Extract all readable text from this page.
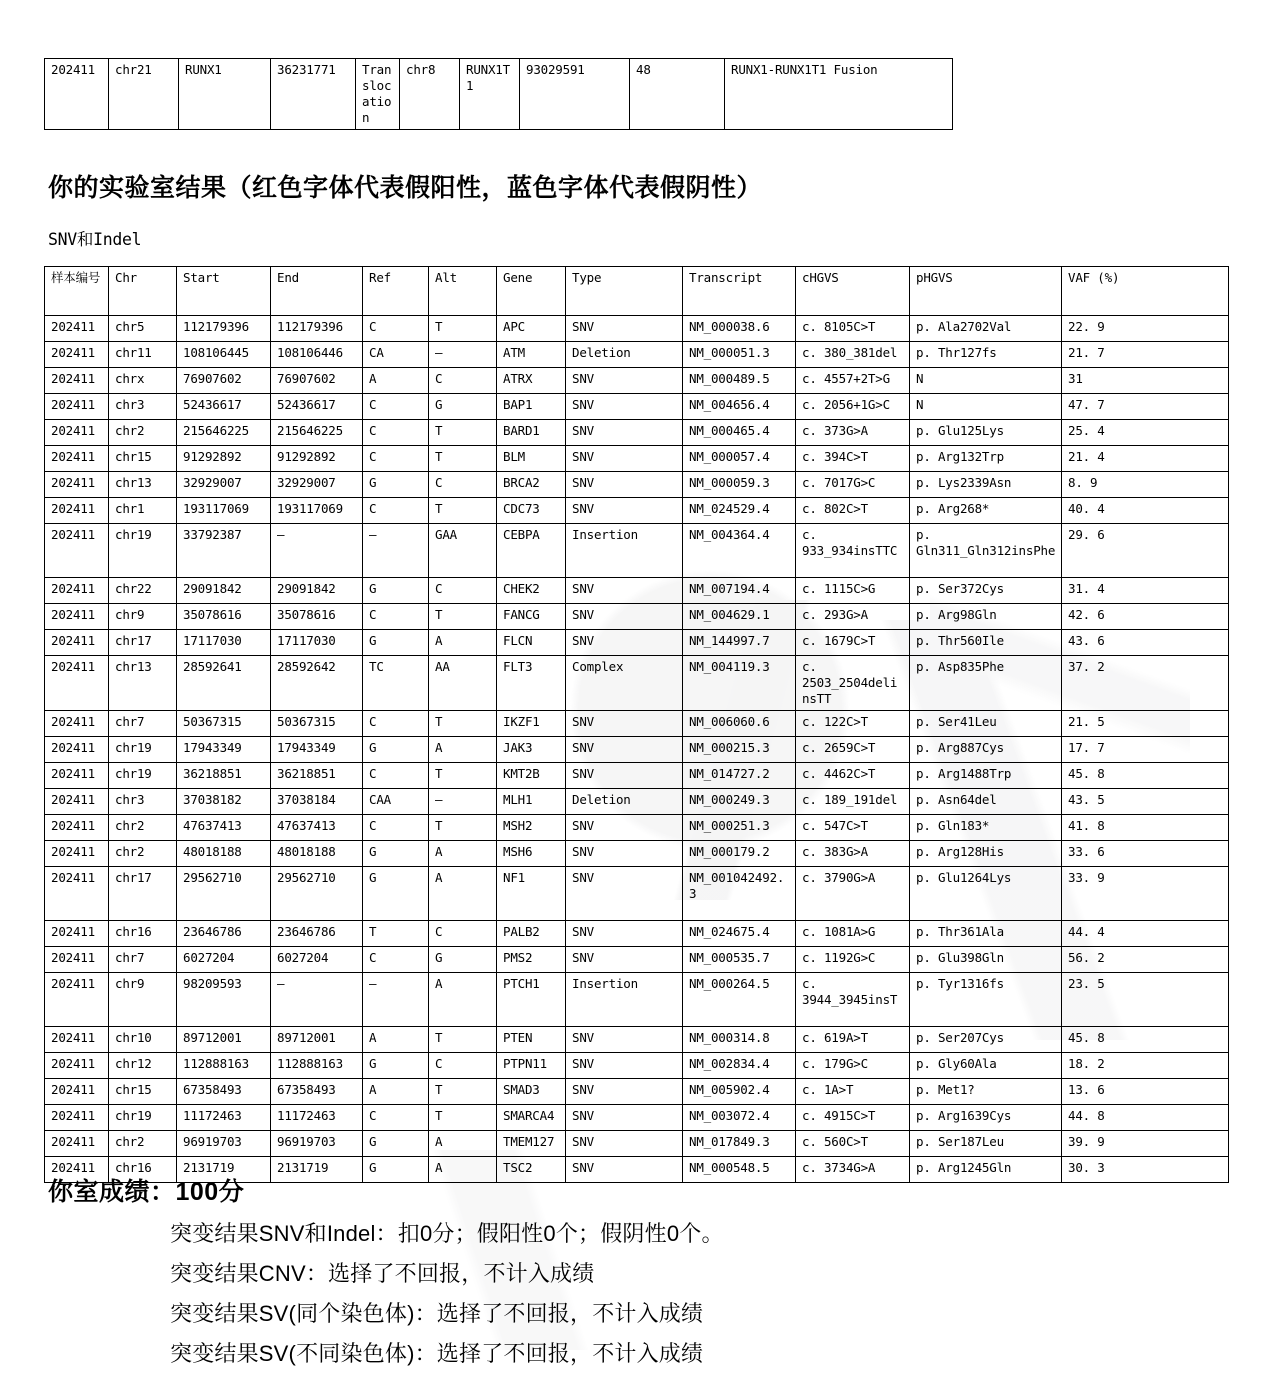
202411	chr21	RUNX1	36231771	Translocation	chr8	RUNX1T1	93029591	48	RUNX1-RUNX1T1 Fusion
你的实验室结果（红色字体代表假阳性，蓝色字体代表假阴性）
SNV和Indel
样本编号	Chr	Start	End	Ref	Alt	Gene	Type	Transcript	cHGVS	pHGVS	VAF (%)
202411	chr5	112179396	112179396	C	T	APC	SNV	NM_000038.6	c. 8105C>T	p. Ala2702Val	22. 9
202411	chr11	108106445	108106446	CA	—	ATM	Deletion	NM_000051.3	c. 380_381del	p. Thr127fs	21. 7
202411	chrx	76907602	76907602	A	C	ATRX	SNV	NM_000489.5	c. 4557+2T>G	N	31
202411	chr3	52436617	52436617	C	G	BAP1	SNV	NM_004656.4	c. 2056+1G>C	N	47. 7
202411	chr2	215646225	215646225	C	T	BARD1	SNV	NM_000465.4	c. 373G>A	p. Glu125Lys	25. 4
202411	chr15	91292892	91292892	C	T	BLM	SNV	NM_000057.4	c. 394C>T	p. Arg132Trp	21. 4
202411	chr13	32929007	32929007	G	C	BRCA2	SNV	NM_000059.3	c. 7017G>C	p. Lys2339Asn	8. 9
202411	chr1	193117069	193117069	C	T	CDC73	SNV	NM_024529.4	c. 802C>T	p. Arg268*	40. 4
202411	chr19	33792387	—	—	GAA	CEBPA	Insertion	NM_004364.4	c. 933_934insTTC	p. Gln311_Gln312insPhe	29. 6
202411	chr22	29091842	29091842	G	C	CHEK2	SNV	NM_007194.4	c. 1115C>G	p. Ser372Cys	31. 4
202411	chr9	35078616	35078616	C	T	FANCG	SNV	NM_004629.1	c. 293G>A	p. Arg98Gln	42. 6
202411	chr17	17117030	17117030	G	A	FLCN	SNV	NM_144997.7	c. 1679C>T	p. Thr560Ile	43. 6
202411	chr13	28592641	28592642	TC	AA	FLT3	Complex	NM_004119.3	c. 2503_2504delinsTT	p. Asp835Phe	37. 2
202411	chr7	50367315	50367315	C	T	IKZF1	SNV	NM_006060.6	c. 122C>T	p. Ser41Leu	21. 5
202411	chr19	17943349	17943349	G	A	JAK3	SNV	NM_000215.3	c. 2659C>T	p. Arg887Cys	17. 7
202411	chr19	36218851	36218851	C	T	KMT2B	SNV	NM_014727.2	c. 4462C>T	p. Arg1488Trp	45. 8
202411	chr3	37038182	37038184	CAA	—	MLH1	Deletion	NM_000249.3	c. 189_191del	p. Asn64del	43. 5
202411	chr2	47637413	47637413	C	T	MSH2	SNV	NM_000251.3	c. 547C>T	p. Gln183*	41. 8
202411	chr2	48018188	48018188	G	A	MSH6	SNV	NM_000179.2	c. 383G>A	p. Arg128His	33. 6
202411	chr17	29562710	29562710	G	A	NF1	SNV	NM_001042492.3	c. 3790G>A	p. Glu1264Lys	33. 9
202411	chr16	23646786	23646786	T	C	PALB2	SNV	NM_024675.4	c. 1081A>G	p. Thr361Ala	44. 4
202411	chr7	6027204	6027204	C	G	PMS2	SNV	NM_000535.7	c. 1192G>C	p. Glu398Gln	56. 2
202411	chr9	98209593	—	—	A	PTCH1	Insertion	NM_000264.5	c. 3944_3945insT	p. Tyr1316fs	23. 5
202411	chr10	89712001	89712001	A	T	PTEN	SNV	NM_000314.8	c. 619A>T	p. Ser207Cys	45. 8
202411	chr12	112888163	112888163	G	C	PTPN11	SNV	NM_002834.4	c. 179G>C	p. Gly60Ala	18. 2
202411	chr15	67358493	67358493	A	T	SMAD3	SNV	NM_005902.4	c. 1A>T	p. Met1?	13. 6
202411	chr19	11172463	11172463	C	T	SMARCA4	SNV	NM_003072.4	c. 4915C>T	p. Arg1639Cys	44. 8
202411	chr2	96919703	96919703	G	A	TMEM127	SNV	NM_017849.3	c. 560C>T	p. Ser187Leu	39. 9
202411	chr16	2131719	2131719	G	A	TSC2	SNV	NM_000548.5	c. 3734G>A	p. Arg1245Gln	30. 3
你室成绩：100分
突变结果SNV和Indel：扣0分；假阳性0个；假阴性0个。
突变结果CNV：选择了不回报，不计入成绩
突变结果SV(同个染色体)：选择了不回报，不计入成绩
突变结果SV(不同染色体)：选择了不回报，不计入成绩
